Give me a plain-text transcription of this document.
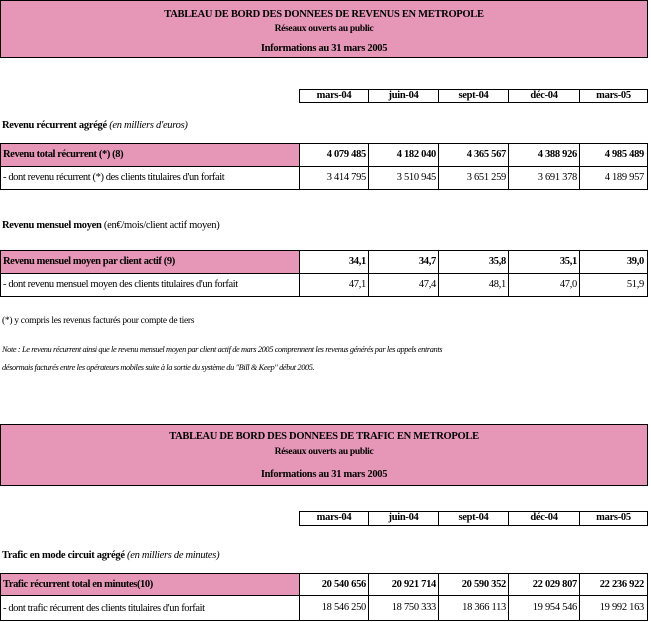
TABLEAU DE BORD DES DONNEES DE REVENUS EN METROPOLE
Réseaux ouverts au public
Informations au 31 mars 2005
mars-04	juin-04	sept-04	déc-04	mars-05
Revenu récurrent agrégé (en milliers d'euros)
Revenu total récurrent (*) (8)	4 079 485	4 182 040	4 365 567	4 388 926	4 985 489
- dont revenu récurrent (*) des clients titulaires d'un forfait	3 414 795	3 510 945	3 651 259	3 691 378	4 189 957
Revenu mensuel moyen (en€/mois/client actif moyen)
Revenu mensuel moyen par client actif (9)	34,1	34,7	35,8	35,1	39,0
- dont revenu mensuel moyen des clients titulaires d'un forfait	47,1	47,4	48,1	47,0	51,9
(*) y compris les revenus facturés pour compte de tiers
Note : Le revenu récurrent ainsi que le revenu mensuel moyen par client actif de mars 2005 comprennent les revenus générés par les appels entrants
désormais facturés entre les opérateurs mobiles suite à la sortie du système du "Bill & Keep" début 2005.
TABLEAU DE BORD DES DONNEES DE TRAFIC EN METROPOLE
Réseaux ouverts au public
Informations au 31 mars 2005
mars-04	juin-04	sept-04	déc-04	mars-05
Trafic en mode circuit agrégé (en milliers de minutes)
Trafic récurrent total en minutes(10)	20 540 656	20 921 714	20 590 352	22 029 807	22 236 922
- dont trafic récurrent des clients titulaires d'un forfait	18 546 250	18 750 333	18 366 113	19 954 546	19 992 163
